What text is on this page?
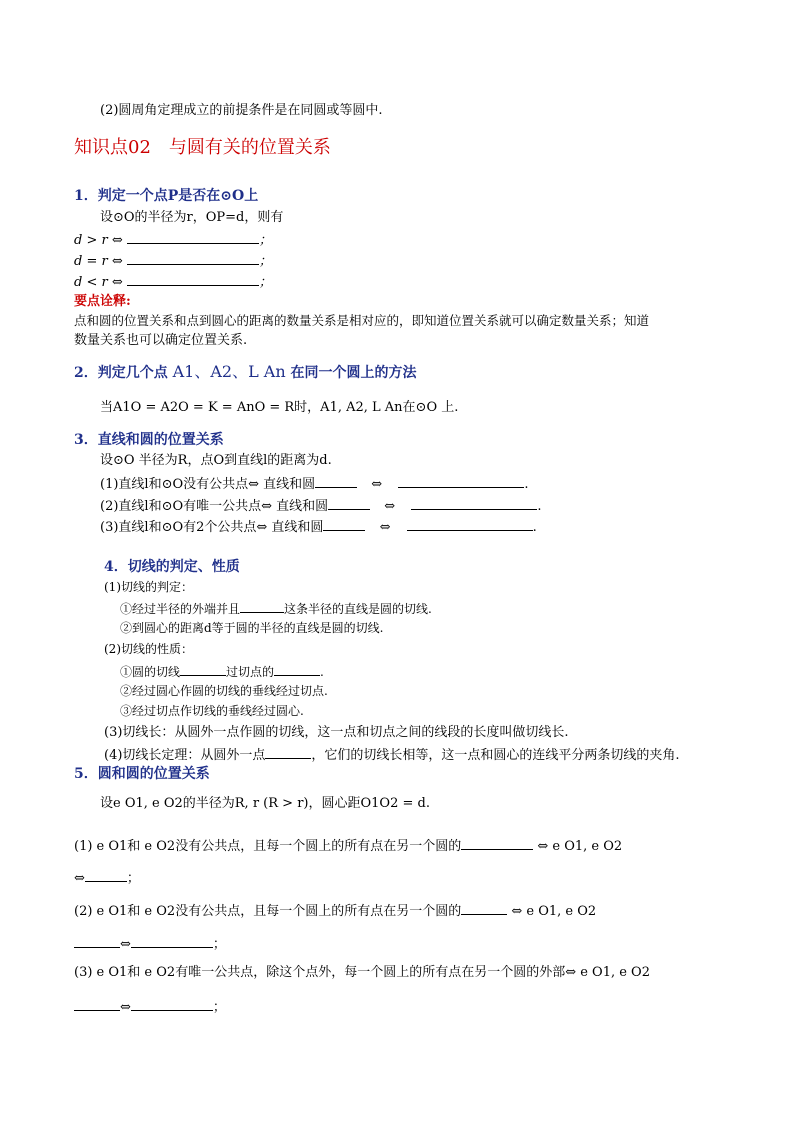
(2)圆周角定理成立的前提条件是在同圆或等圆中.
知识点02　与圆有关的位置关系
1．判定一个点P是否在⊙O上
设⊙O的半径为r，OP=d，则有
d > r ⇔	；
d = r ⇔	；
d < r ⇔	；
要点诠释:
点和圆的位置关系和点到圆心的距离的数量关系是相对应的，即知道位置关系就可以确定数量关系；知道
数量关系也可以确定位置关系.
2．判定几个点 A1、A2、L An 在同一个圆上的方法
当A1O = A2O = K = AnO = R时，A1, A2, L An在⊙O 上.
3．直线和圆的位置关系
设⊙O 半径为R，点O到直线l的距离为d.
(1)直线l和⊙O没有公共点⇔ 直线和圆	⇔	.
(2)直线l和⊙O有唯一公共点⇔ 直线和圆	⇔	.
(3)直线l和⊙O有2个公共点⇔ 直线和圆	⇔	.
4．切线的判定、性质
(1)切线的判定：
①经过半径的外端并且	这条半径的直线是圆的切线.
②到圆心的距离d等于圆的半径的直线是圆的切线.
(2)切线的性质：
①圆的切线	过切点的	.
②经过圆心作圆的切线的垂线经过切点.
③经过切点作切线的垂线经过圆心.
(3)切线长：从圆外一点作圆的切线，这一点和切点之间的线段的长度叫做切线长.
(4)切线长定理：从圆外一点	，它们的切线长相等，这一点和圆心的连线平分两条切线的夹角.
5．圆和圆的位置关系
设e O1, e O2的半径为R, r (R > r)，圆心距O1O2 = d.
(1) e O1和 e O2没有公共点，且每一个圆上的所有点在另一个圆的	⇔ e O1, e O2
⇔	；
(2) e O1和 e O2没有公共点，且每一个圆上的所有点在另一个圆的	⇔ e O1, e O2
⇔	；
(3) e O1和 e O2有唯一公共点，除这个点外，每一个圆上的所有点在另一个圆的外部⇔ e O1, e O2
⇔	；
